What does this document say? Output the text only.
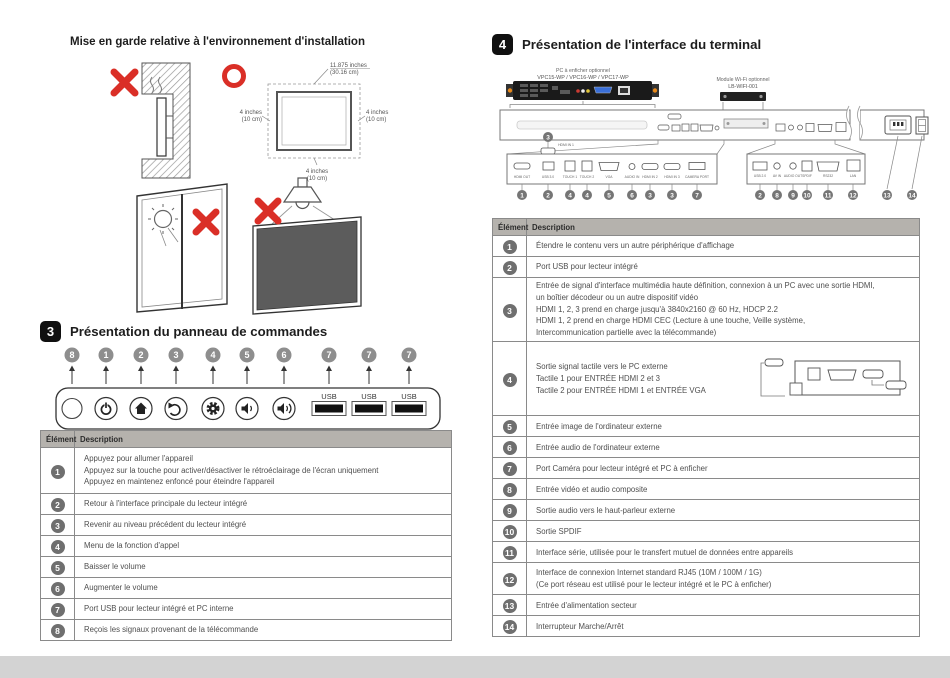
Mise en garde relative à l'environnement d'installation
11.875 inches
(30.16 cm)
4 inches
(10 cm)
4 inches
(10 cm)
4 inches
(10 cm)
3	Présentation du panneau de commandes
8	1	2	3	4	5	6	7	7	7
USB	USB	USB
Élément	Description
1	Appuyez pour allumer l'appareil
Appuyez sur la touche pour activer/désactiver le rétroéclairage de l'écran uniquement
Appuyez en maintenez enfoncé pour éteindre l'appareil
2	Retour à l'interface principale du lecteur intégré
3	Revenir au niveau précédent du lecteur intégré
4	Menu de la fonction d'appel
5	Baisser le volume
6	Augmenter le volume
7	Port USB pour lecteur intégré et PC interne
8	Reçois les signaux provenant de la télécommande
4	Présentation de l'interface du terminal
PC à enficher optionnel
VPC15-WP / VPC16-WP / VPC17-WP	Module Wi-Fi optionnel
LB-WIFI-001
3
HDMI IN 1
HDMI OUT	USB 3.0	TOUCH 1 TOUCH 2	VGA	AUDIO IN HDMI IN 2 HDMI IN 3 CAMERA PORT
1	2	4 4	5	6 3	3	7
USB 2.0 AV IN AUDIO OUT SPDIF	RS232	LAN
2 8 9 10 11	12	13	14
Élément	Description
1	Étendre le contenu vers un autre périphérique d'affichage
2	Port USB pour lecteur intégré
3	Entrée de signal d'interface multimédia haute définition, connexion à un PC avec une sortie HDMI,
un boîtier décodeur ou un autre dispositif vidéo
HDMI 1, 2, 3 prend en charge jusqu'à 3840x2160 @ 60 Hz, HDCP 2.2
HDMI 1, 2 prend en charge HDMI CEC (Lecture à une touche, Veille système,
Intercommunication partielle avec la télécommande)
4	Sortie signal tactile vers le PC externe
Tactile 1 pour ENTRÉE HDMI 2 et 3
Tactile 2 pour ENTRÉE HDMI 1 et ENTRÉE VGA

5	Entrée image de l'ordinateur externe
6	Entrée audio de l'ordinateur externe
7	Port Caméra pour lecteur intégré et PC à enficher
8	Entrée vidéo et audio composite
9	Sortie audio vers le haut-parleur externe
10	Sortie SPDIF
11	Interface série, utilisée pour le transfert mutuel de données entre appareils
12	Interface de connexion Internet standard RJ45 (10M / 100M / 1G)
(Ce port réseau est utilisé pour le lecteur intégré et le PC à enficher)
13	Entrée d'alimentation secteur
14	Interrupteur Marche/Arrêt
